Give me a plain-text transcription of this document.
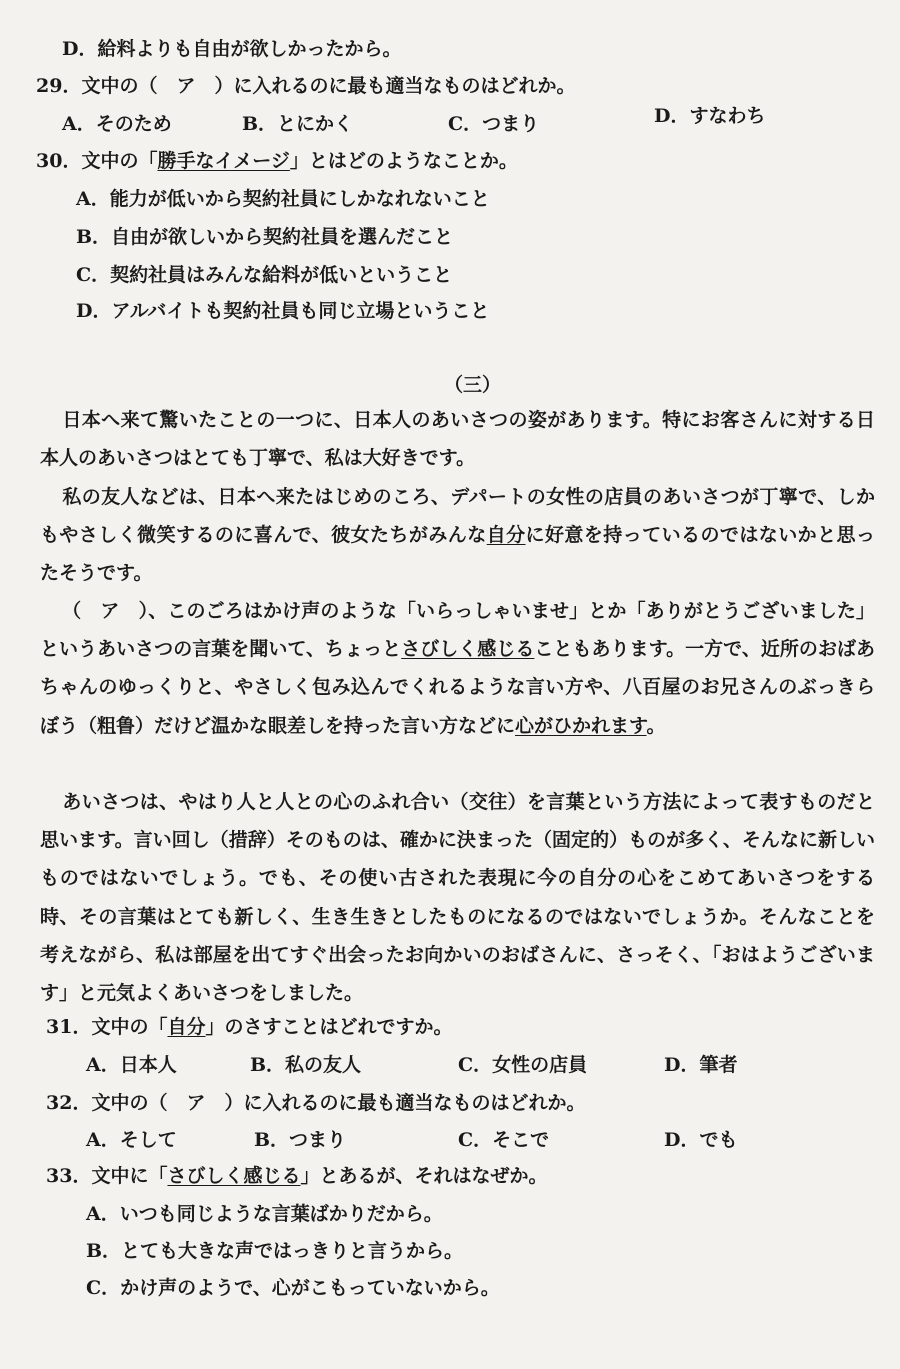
D．給料よりも自由が欲しかったから。
29．文中の（　ア　）に入れるのに最も適当なものはどれか。
A．そのため	B．とにかく	C．つまり	D．すなわち
30．文中の「勝手なイメージ」とはどのようなことか。
A．能力が低いから契約社員にしかなれないこと
B．自由が欲しいから契約社員を選んだこと
C．契約社員はみんな給料が低いということ
D．アルバイトも契約社員も同じ立場ということ
（三）
日本へ来て驚いたことの一つに、日本人のあいさつの姿があります。特にお客さんに対する日本人のあいさつはとても丁寧で、私は大好きです。
私の友人などは、日本へ来たはじめのころ、デパートの女性の店員のあいさつが丁寧で、しかもやさしく微笑するのに喜んで、彼女たちがみんな自分に好意を持っているのではないかと思ったそうです。
（　ア　）、このごろはかけ声のような「いらっしゃいませ」とか「ありがとうございました」というあいさつの言葉を聞いて、ちょっとさびしく感じることもあります。一方で、近所のおばあちゃんのゆっくりと、やさしく包み込んでくれるような言い方や、八百屋のお兄さんのぶっきらぼう（粗鲁）だけど温かな眼差しを持った言い方などに心がひかれます。
あいさつは、やはり人と人との心のふれ合い（交往）を言葉という方法によって表すものだと思います。言い回し（措辞）そのものは、確かに決まった（固定的）ものが多く、そんなに新しいものではないでしょう。でも、その使い古された表現に今の自分の心をこめてあいさつをする時、その言葉はとても新しく、生き生きとしたものになるのではないでしょうか。そんなことを考えながら、私は部屋を出てすぐ出会ったお向かいのおばさんに、さっそく、「おはようございます」と元気よくあいさつをしました。
31．文中の「自分」のさすことはどれですか。
A．日本人	B．私の友人	C．女性の店員	D．筆者
32．文中の（　ア　）に入れるのに最も適当なものはどれか。
A．そして	B．つまり	C．そこで	D．でも
33．文中に「さびしく感じる」とあるが、それはなぜか。
A．いつも同じような言葉ばかりだから。
B．とても大きな声ではっきりと言うから。
C．かけ声のようで、心がこもっていないから。
